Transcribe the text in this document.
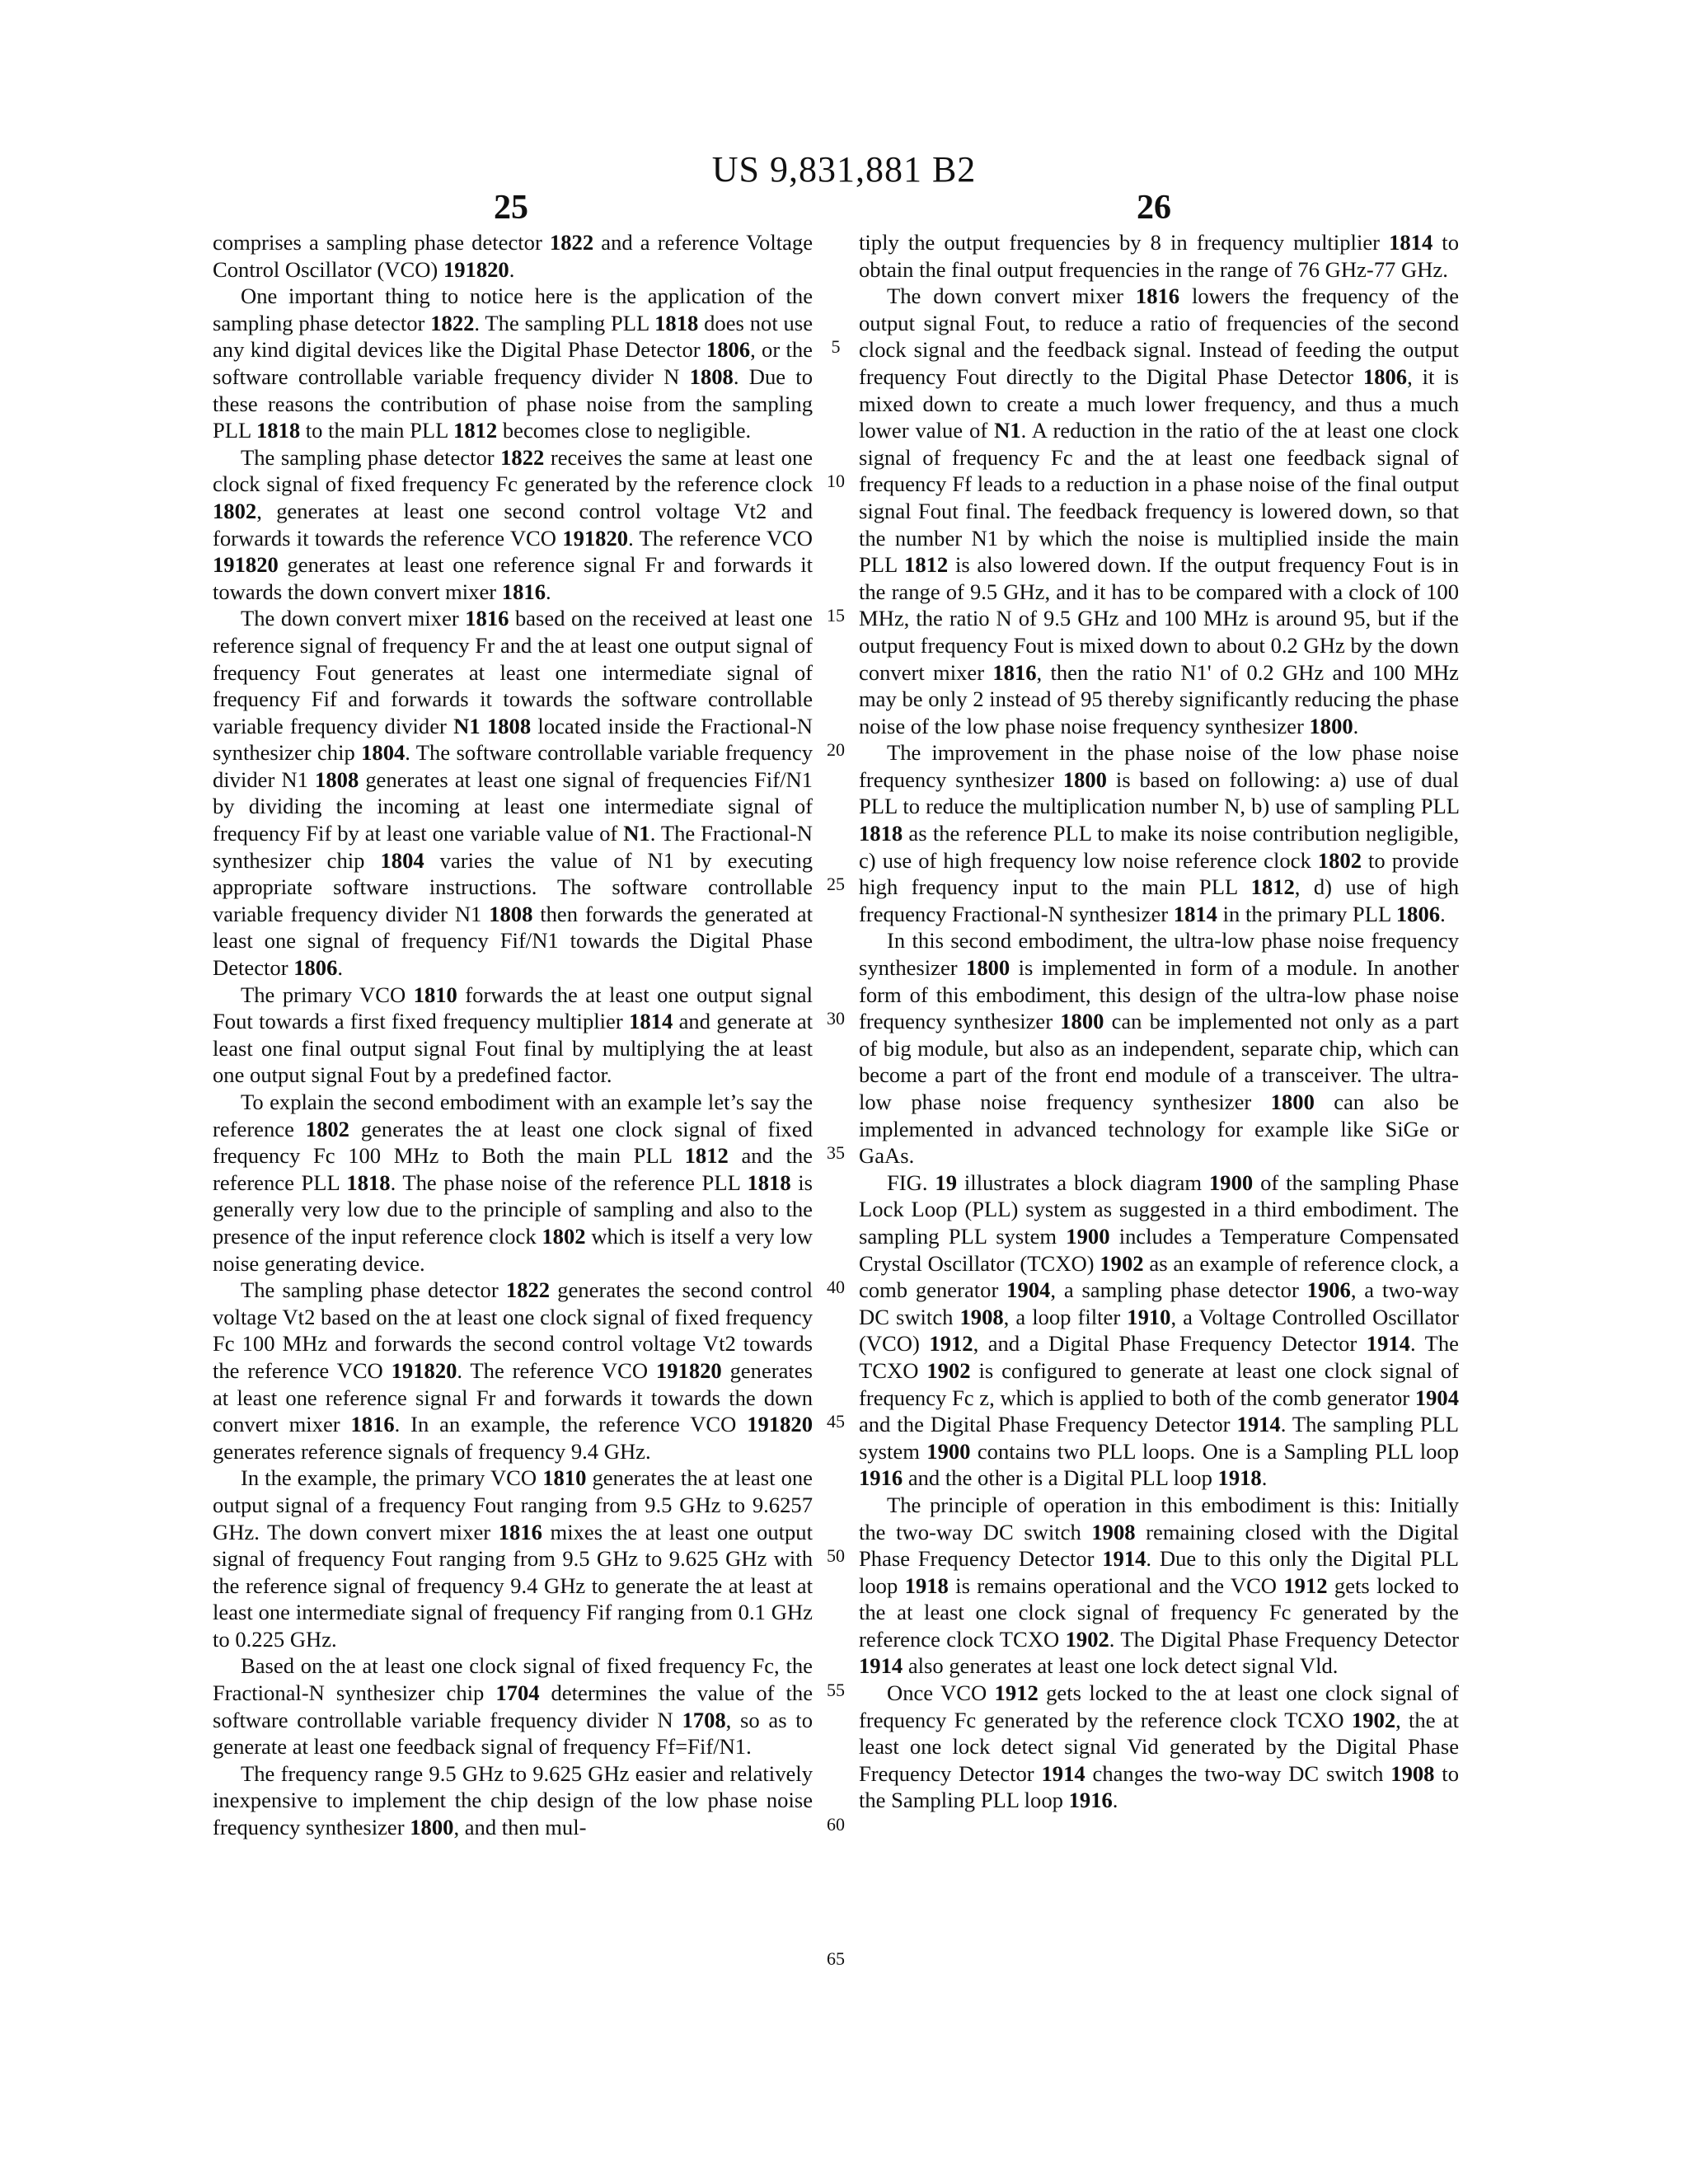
US 9,831,881 B2
25	26

comprises a sampling phase detector 1822 and a reference Voltage Control Oscillator (VCO) 191820.

One important thing to notice here is the application of the sampling phase detector 1822. The sampling PLL 1818 does not use any kind digital devices like the Digital Phase Detector 1806, or the software controllable variable frequency divider N 1808. Due to these reasons the contribution of phase noise from the sampling PLL 1818 to the main PLL 1812 becomes close to negligible.

The sampling phase detector 1822 receives the same at least one clock signal of fixed frequency Fc generated by the reference clock 1802, generates at least one second control voltage Vt2 and forwards it towards the reference VCO 191820. The reference VCO 191820 generates at least one reference signal Fr and forwards it towards the down convert mixer 1816.

The down convert mixer 1816 based on the received at least one reference signal of frequency Fr and the at least one output signal of frequency Fout generates at least one intermediate signal of frequency Fif and forwards it towards the software controllable variable frequency divider N1 1808 located inside the Fractional-N synthesizer chip 1804. The software controllable variable frequency divider N1 1808 generates at least one signal of frequencies Fif/N1 by dividing the incoming at least one intermediate signal of frequency Fif by at least one variable value of N1. The Fractional-N synthesizer chip 1804 varies the value of N1 by executing appropriate software instructions. The software controllable variable frequency divider N1 1808 then forwards the generated at least one signal of frequency Fif/N1 towards the Digital Phase Detector 1806.

The primary VCO 1810 forwards the at least one output signal Fout towards a first fixed frequency multiplier 1814 and generate at least one final output signal Fout final by multiplying the at least one output signal Fout by a predefined factor.

To explain the second embodiment with an example let’s say the reference 1802 generates the at least one clock signal of fixed frequency Fc 100 MHz to Both the main PLL 1812 and the reference PLL 1818. The phase noise of the reference PLL 1818 is generally very low due to the principle of sampling and also to the presence of the input reference clock 1802 which is itself a very low noise generating device.

The sampling phase detector 1822 generates the second control voltage Vt2 based on the at least one clock signal of fixed frequency Fc 100 MHz and forwards the second control voltage Vt2 towards the reference VCO 191820. The reference VCO 191820 generates at least one reference signal Fr and forwards it towards the down convert mixer 1816. In an example, the reference VCO 191820 generates reference signals of frequency 9.4 GHz.

In the example, the primary VCO 1810 generates the at least one output signal of a frequency Fout ranging from 9.5 GHz to 9.6257 GHz. The down convert mixer 1816 mixes the at least one output signal of frequency Fout ranging from 9.5 GHz to 9.625 GHz with the reference signal of frequency 9.4 GHz to generate the at least at least one intermediate signal of frequency Fif ranging from 0.1 GHz to 0.225 GHz.

Based on the at least one clock signal of fixed frequency Fc, the Fractional-N synthesizer chip 1704 determines the value of the software controllable variable frequency divider N 1708, so as to generate at least one feedback signal of frequency Ff=Fif/N1.

The frequency range 9.5 GHz to 9.625 GHz easier and relatively inexpensive to implement the chip design of the low phase noise frequency synthesizer 1800, and then mul-

5
10
15
20
25
30
35
40
45
50
55
60
65

tiply the output frequencies by 8 in frequency multiplier 1814 to obtain the final output frequencies in the range of 76 GHz-77 GHz.

The down convert mixer 1816 lowers the frequency of the output signal Fout, to reduce a ratio of frequencies of the second clock signal and the feedback signal. Instead of feeding the output frequency Fout directly to the Digital Phase Detector 1806, it is mixed down to create a much lower frequency, and thus a much lower value of N1. A reduction in the ratio of the at least one clock signal of frequency Fc and the at least one feedback signal of frequency Ff leads to a reduction in a phase noise of the final output signal Fout final. The feedback frequency is lowered down, so that the number N1 by which the noise is multiplied inside the main PLL 1812 is also lowered down. If the output frequency Fout is in the range of 9.5 GHz, and it has to be compared with a clock of 100 MHz, the ratio N of 9.5 GHz and 100 MHz is around 95, but if the output frequency Fout is mixed down to about 0.2 GHz by the down convert mixer 1816, then the ratio N1' of 0.2 GHz and 100 MHz may be only 2 instead of 95 thereby significantly reducing the phase noise of the low phase noise frequency synthesizer 1800.

The improvement in the phase noise of the low phase noise frequency synthesizer 1800 is based on following: a) use of dual PLL to reduce the multiplication number N, b) use of sampling PLL 1818 as the reference PLL to make its noise contribution negligible, c) use of high frequency low noise reference clock 1802 to provide high frequency input to the main PLL 1812, d) use of high frequency Fractional-N synthesizer 1814 in the primary PLL 1806.

In this second embodiment, the ultra-low phase noise frequency synthesizer 1800 is implemented in form of a module. In another form of this embodiment, this design of the ultra-low phase noise frequency synthesizer 1800 can be implemented not only as a part of big module, but also as an independent, separate chip, which can become a part of the front end module of a transceiver. The ultra-low phase noise frequency synthesizer 1800 can also be implemented in advanced technology for example like SiGe or GaAs.

FIG. 19 illustrates a block diagram 1900 of the sampling Phase Lock Loop (PLL) system as suggested in a third embodiment. The sampling PLL system 1900 includes a Temperature Compensated Crystal Oscillator (TCXO) 1902 as an example of reference clock, a comb generator 1904, a sampling phase detector 1906, a two-way DC switch 1908, a loop filter 1910, a Voltage Controlled Oscillator (VCO) 1912, and a Digital Phase Frequency Detector 1914. The TCXO 1902 is configured to generate at least one clock signal of frequency Fc z, which is applied to both of the comb generator 1904 and the Digital Phase Frequency Detector 1914. The sampling PLL system 1900 contains two PLL loops. One is a Sampling PLL loop 1916 and the other is a Digital PLL loop 1918.

The principle of operation in this embodiment is this: Initially the two-way DC switch 1908 remaining closed with the Digital Phase Frequency Detector 1914. Due to this only the Digital PLL loop 1918 is remains operational and the VCO 1912 gets locked to the at least one clock signal of frequency Fc generated by the reference clock TCXO 1902. The Digital Phase Frequency Detector 1914 also generates at least one lock detect signal Vld.

Once VCO 1912 gets locked to the at least one clock signal of frequency Fc generated by the reference clock TCXO 1902, the at least one lock detect signal Vid generated by the Digital Phase Frequency Detector 1914 changes the two-way DC switch 1908 to the Sampling PLL loop 1916.
